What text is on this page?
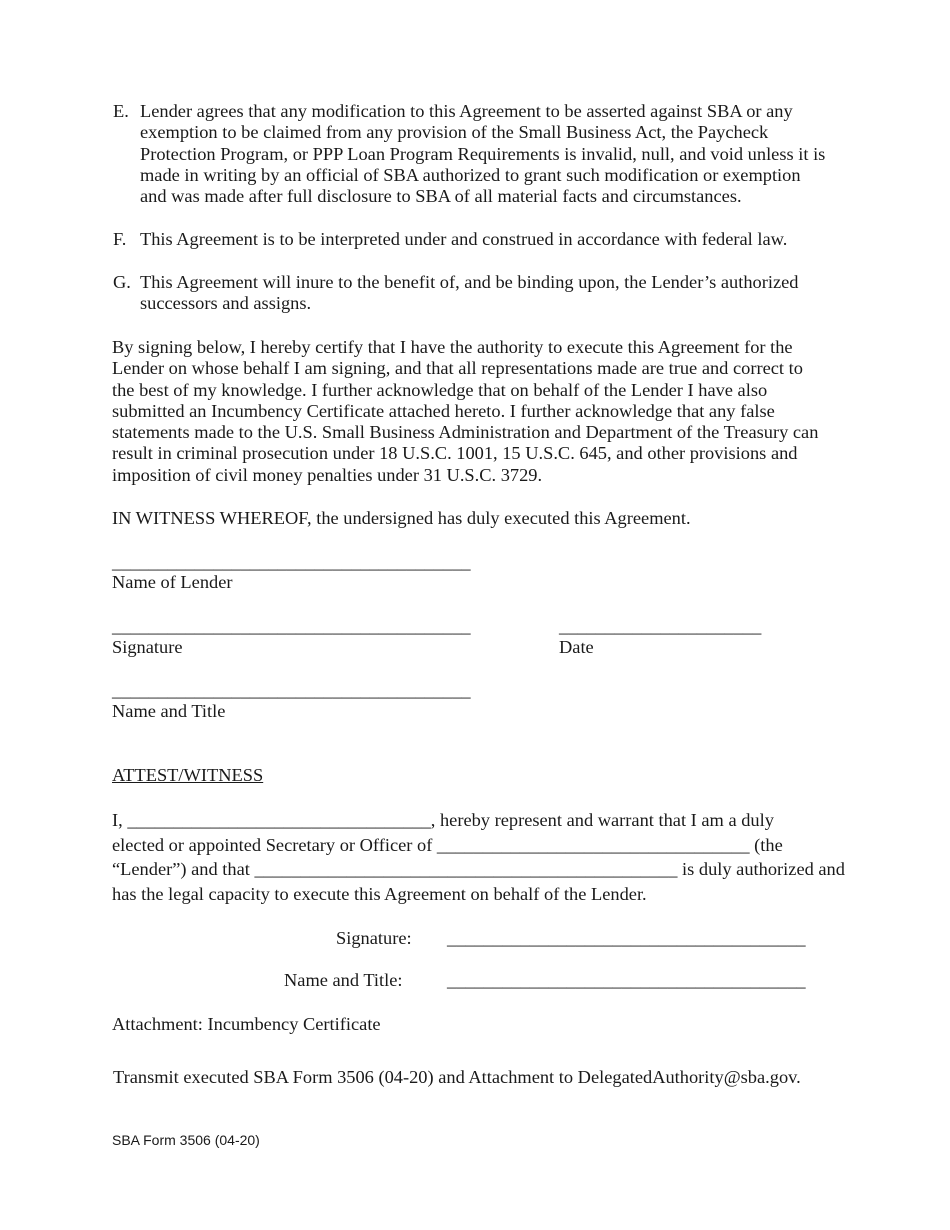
E. Lender agrees that any modification to this Agreement to be asserted against SBA or any
exemption to be claimed from any provision of the Small Business Act, the Paycheck
Protection Program, or PPP Loan Program Requirements is invalid, null, and void unless it is
made in writing by an official of SBA authorized to grant such modification or exemption
and was made after full disclosure to SBA of all material facts and circumstances.
F. This Agreement is to be interpreted under and construed in accordance with federal law.
G. This Agreement will inure to the benefit of, and be binding upon, the Lender’s authorized
successors and assigns.
By signing below, I hereby certify that I have the authority to execute this Agreement for the
Lender on whose behalf I am signing, and that all representations made are true and correct to
the best of my knowledge. I further acknowledge that on behalf of the Lender I have also
submitted an Incumbency Certificate attached hereto. I further acknowledge that any false
statements made to the U.S. Small Business Administration and Department of the Treasury can
result in criminal prosecution under 18 U.S.C. 1001, 15 U.S.C. 645, and other provisions and
imposition of civil money penalties under 31 U.S.C. 3729.
IN WITNESS WHEREOF, the undersigned has duly executed this Agreement.
_______________________________________
Name of Lender
_______________________________________
Signature
______________________
Date
_______________________________________
Name and Title
ATTEST/WITNESS
I, _________________________________, hereby represent and warrant that I am a duly
elected or appointed Secretary or Officer of __________________________________ (the
“Lender”) and that ______________________________________________ is duly authorized and
has the legal capacity to execute this Agreement on behalf of the Lender.
Signature: _______________________________________
Name and Title: _______________________________________
Attachment: Incumbency Certificate
Transmit executed SBA Form 3506 (04-20) and Attachment to DelegatedAuthority@sba.gov.
SBA Form 3506 (04-20)
